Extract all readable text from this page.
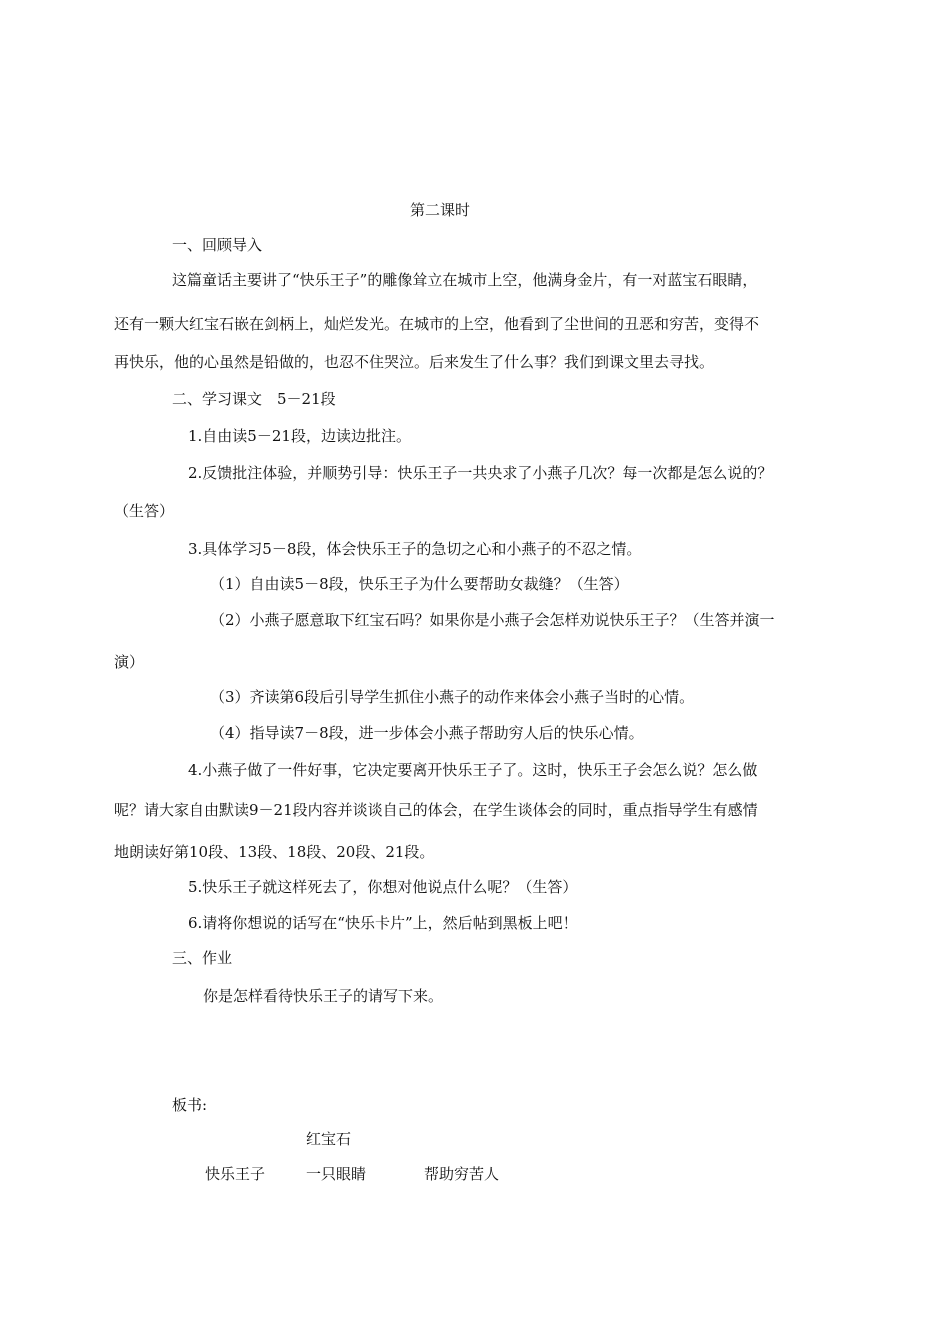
第二课时
一、回顾导入
这篇童话主要讲了“快乐王子”的雕像耸立在城市上空，他满身金片，有一对蓝宝石眼睛，
还有一颗大红宝石嵌在剑柄上，灿烂发光。在城市的上空，他看到了尘世间的丑恶和穷苦，变得不
再快乐，他的心虽然是铅做的，也忍不住哭泣。后来发生了什么事？我们到课文里去寻找。
二、学习课文　5－21段
1.自由读5－21段，边读边批注。
2.反馈批注体验，并顺势引导：快乐王子一共央求了小燕子几次？每一次都是怎么说的？
（生答）
3.具体学习5－8段，体会快乐王子的急切之心和小燕子的不忍之情。
（1）自由读5－8段，快乐王子为什么要帮助女裁缝？（生答）
（2）小燕子愿意取下红宝石吗？如果你是小燕子会怎样劝说快乐王子？（生答并演一
演）
（3）齐读第6段后引导学生抓住小燕子的动作来体会小燕子当时的心情。
（4）指导读7－8段，进一步体会小燕子帮助穷人后的快乐心情。
4.小燕子做了一件好事，它决定要离开快乐王子了。这时，快乐王子会怎么说？怎么做
呢？请大家自由默读9－21段内容并谈谈自己的体会，在学生谈体会的同时，重点指导学生有感情
地朗读好第10段、13段、18段、20段、21段。
5.快乐王子就这样死去了，你想对他说点什么呢？（生答）
6.请将你想说的话写在“快乐卡片”上，然后帖到黑板上吧！
三、作业
你是怎样看待快乐王子的请写下来。
板书:
红宝石
快乐王子	一只眼睛	帮助穷苦人
